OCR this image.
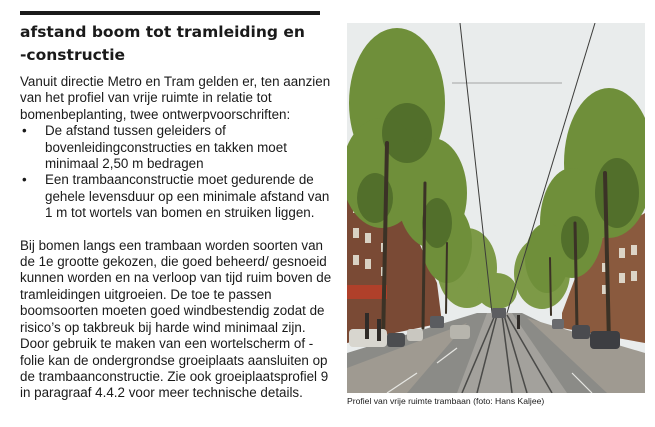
afstand boom tot tramleiding en
-constructie

Vanuit directie Metro en Tram gelden er, ten aanzien van het profiel van vrije ruimte in relatie tot bomenbeplanting, twee ontwerpvoorschriften:

• De afstand tussen geleiders of bovenleidingconstructies en takken moet minimaal 2,50 m bedragen
• Een trambaanconstructie moet gedurende de gehele levensduur op een minimale afstand van 1 m tot wortels van bomen en struiken liggen.

Bij bomen langs een trambaan worden soorten van de 1e grootte gekozen, die goed beheerd/ gesnoeid kunnen worden en na verloop van tijd ruim boven de tramleidingen uitgroeien. De toe te passen boomsoorten moeten goed windbestendig zodat de risico’s op takbreuk bij harde wind minimaal zijn. Door gebruik te maken van een wortelscherm of -folie kan de ondergrondse groeiplaats aansluiten op de trambaanconstructie. Zie ook groeiplaatsprofiel 9 in paragraaf 4.4.2 voor meer technische details.

Profiel van vrije ruimte trambaan (foto: Hans Kaljee)
